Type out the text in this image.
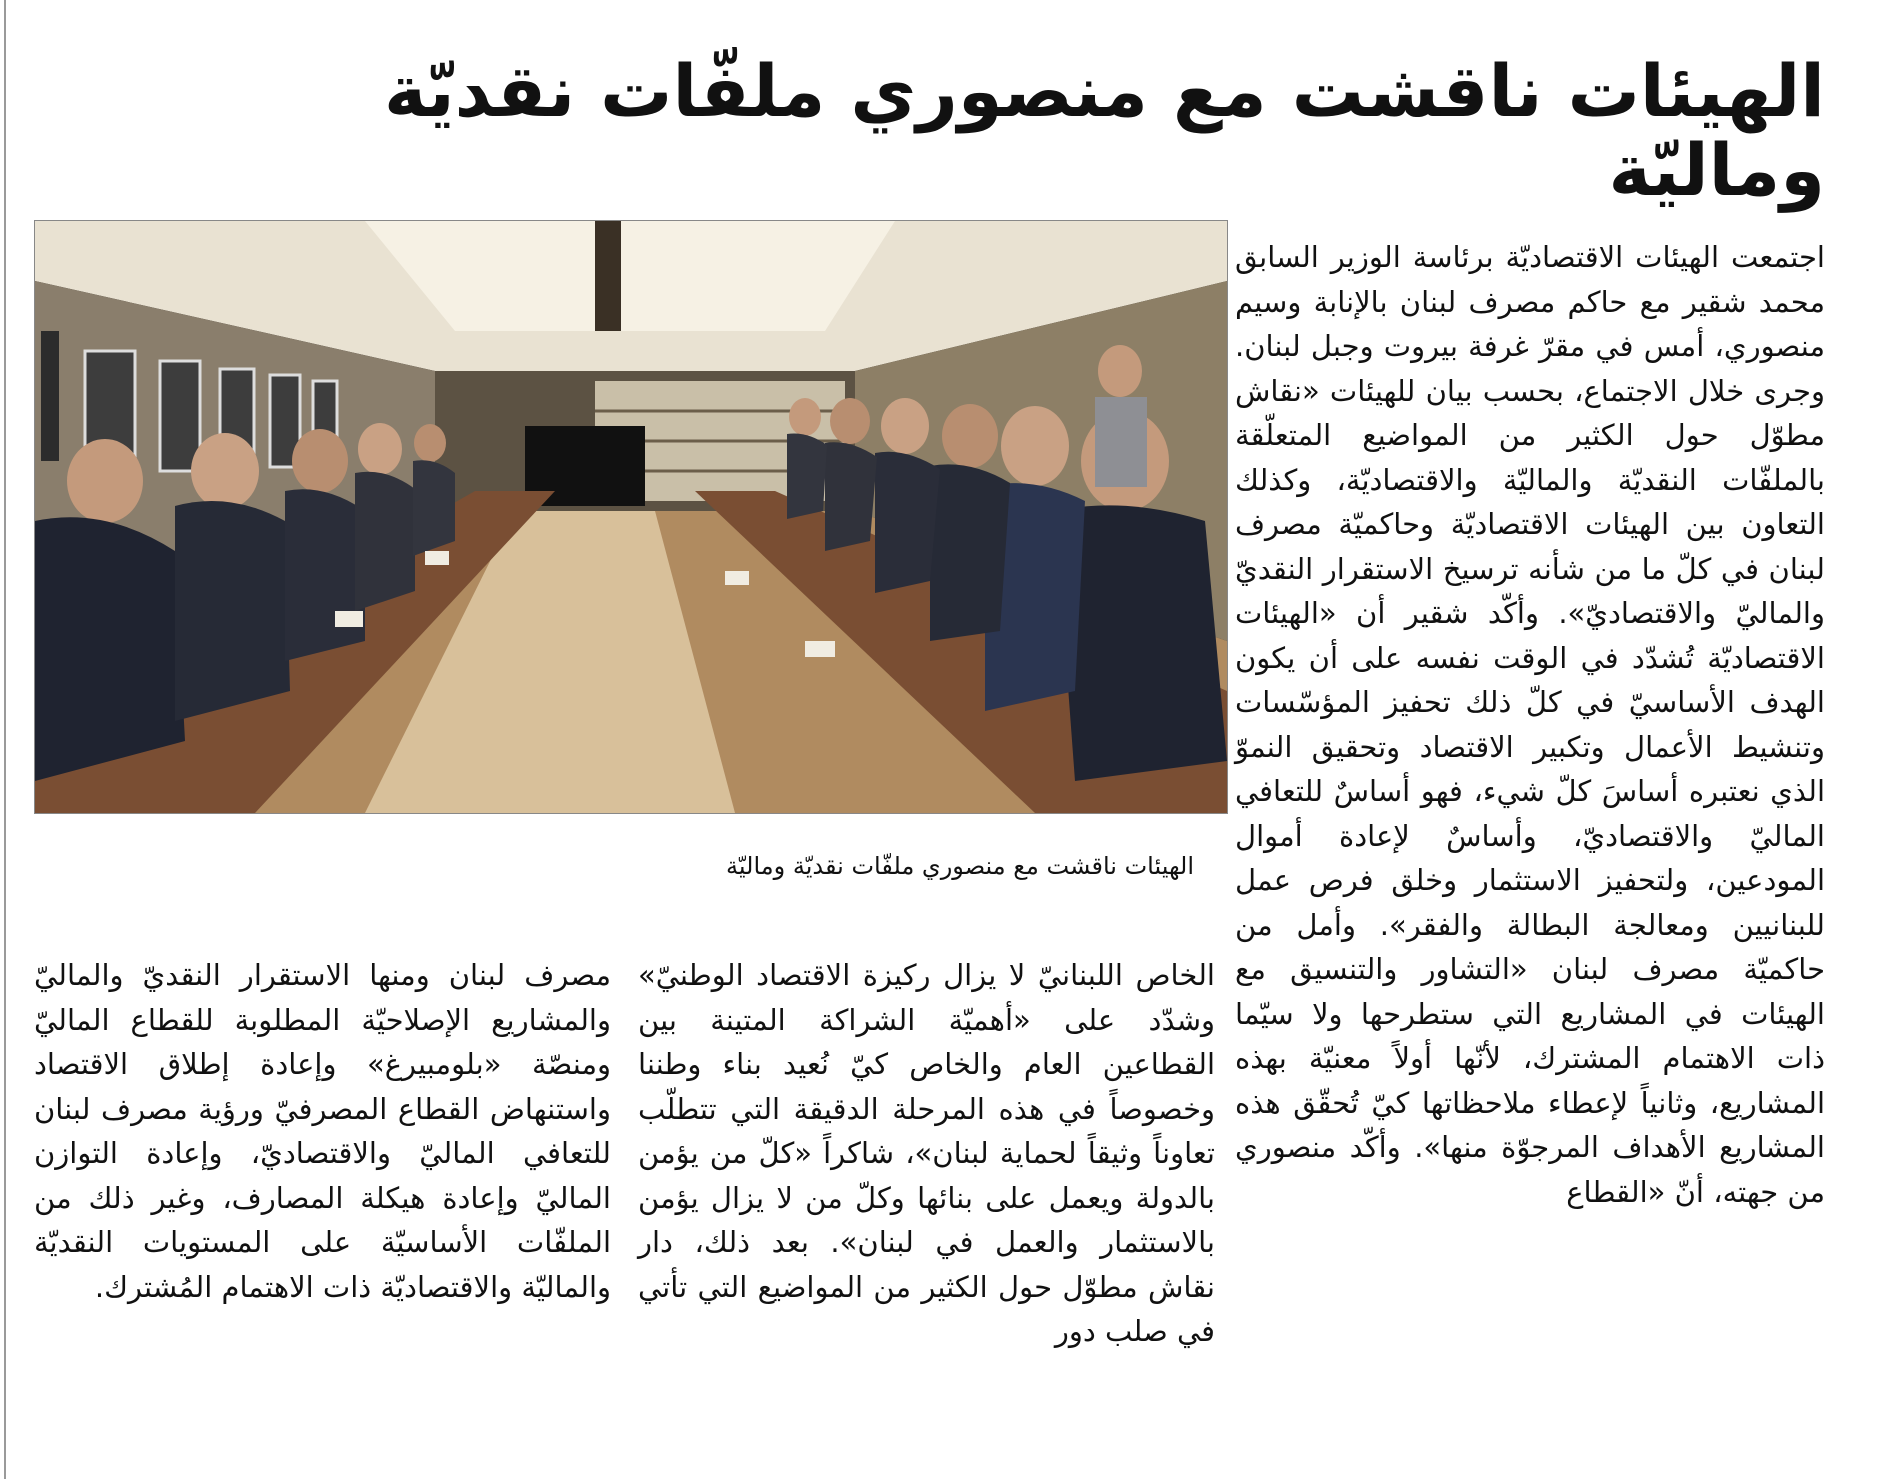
الهيئات ناقشت مع منصوري ملفّات نقديّة وماليّة

الهيئات ناقشت مع منصوري ملفّات نقديّة وماليّة

اجتمعت الهيئات الاقتصاديّة برئاسة الوزير السابق محمد شقير مع حاكم مصرف لبنان بالإنابة وسيم منصوري، أمس في مقرّ غرفة بيروت وجبل لبنان. وجرى خلال الاجتماع، بحسب بيان للهيئات «نقاش مطوّل حول الكثير من المواضيع المتعلّقة بالملفّات النقديّة والماليّة والاقتصاديّة، وكذلك التعاون بين الهيئات الاقتصاديّة وحاكميّة مصرف لبنان في كلّ ما من شأنه ترسيخ الاستقرار النقديّ والماليّ والاقتصاديّ». وأكّد شقير أن «الهيئات الاقتصاديّة تُشدّد في الوقت نفسه على أن يكون الهدف الأساسيّ في كلّ ذلك تحفيز المؤسّسات وتنشيط الأعمال وتكبير الاقتصاد وتحقيق النموّ الذي نعتبره أساسَ كلّ شيء، فهو أساسٌ للتعافي الماليّ والاقتصاديّ، وأساسٌ لإعادة أموال المودعين، ولتحفيز الاستثمار وخلق فرص عمل للبنانيين ومعالجة البطالة والفقر». وأمل من حاكميّة مصرف لبنان «التشاور والتنسيق مع الهيئات في المشاريع التي ستطرحها ولا سيّما ذات الاهتمام المشترك، لأنّها أولاً معنيّة بهذه المشاريع، وثانياً لإعطاء ملاحظاتها كيّ تُحقّق هذه المشاريع الأهداف المرجوّة منها». وأكّد منصوري من جهته، أنّ «القطاع

الخاص اللبنانيّ لا يزال ركيزة الاقتصاد الوطنيّ» وشدّد على «أهميّة الشراكة المتينة بين القطاعين العام والخاص كيّ نُعيد بناء وطننا وخصوصاً في هذه المرحلة الدقيقة التي تتطلّب تعاوناً وثيقاً لحماية لبنان»، شاكراً «كلّ من يؤمن بالدولة ويعمل على بنائها وكلّ من لا يزال يؤمن بالاستثمار والعمل في لبنان». بعد ذلك، دار نقاش مطوّل حول الكثير من المواضيع التي تأتي في صلب دور

مصرف لبنان ومنها الاستقرار النقديّ والماليّ والمشاريع الإصلاحيّة المطلوبة للقطاع الماليّ ومنصّة «بلومبيرغ» وإعادة إطلاق الاقتصاد واستنهاض القطاع المصرفيّ ورؤية مصرف لبنان للتعافي الماليّ والاقتصاديّ، وإعادة التوازن الماليّ وإعادة هيكلة المصارف، وغير ذلك من الملفّات الأساسيّة على المستويات النقديّة والماليّة والاقتصاديّة ذات الاهتمام المُشترك.
